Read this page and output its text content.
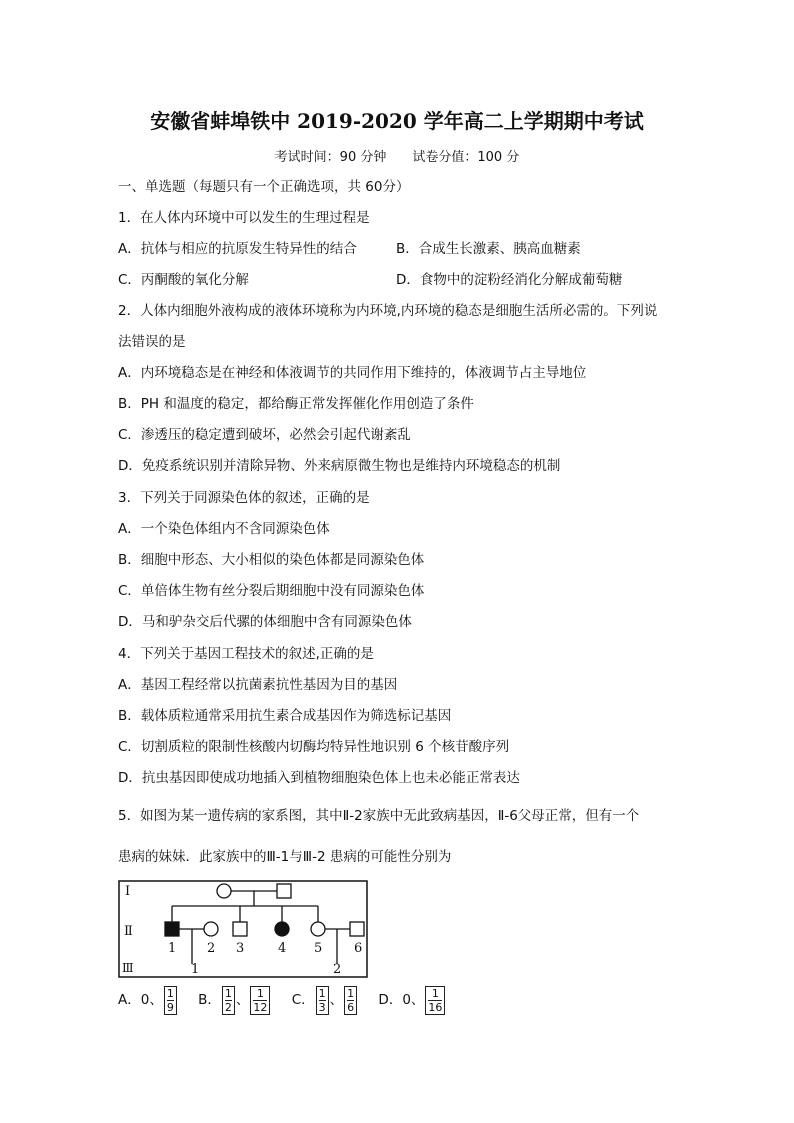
安徽省蚌埠铁中 2019-2020 学年高二上学期期中考试
考试时间：90 分钟 试卷分值：100 分
一、单选题（每题只有一个正确选项，共 60分）
1．在人体内环境中可以发生的生理过程是
A．抗体与相应的抗原发生特异性的结合	B．合成生长激素、胰高血糖素
C．丙酮酸的氧化分解	D．食物中的淀粉经消化分解成葡萄糖
2．人体内细胞外液构成的液体环境称为内环境,内环境的稳态是细胞生活所必需的。下列说
法错误的是
A．内环境稳态是在神经和体液调节的共同作用下维持的，体液调节占主导地位
B．PH 和温度的稳定，都给酶正常发挥催化作用创造了条件
C．渗透压的稳定遭到破坏，必然会引起代谢紊乱
D．免疫系统识别并清除异物、外来病原微生物也是维持内环境稳态的机制
3．下列关于同源染色体的叙述，正确的是
A．一个染色体组内不含同源染色体
B．细胞中形态、大小相似的染色体都是同源染色体
C．单倍体生物有丝分裂后期细胞中没有同源染色体
D．马和驴杂交后代骡的体细胞中含有同源染色体
4．下列关于基因工程技术的叙述,正确的是
A．基因工程经常以抗菌素抗性基因为目的基因
B．载体质粒通常采用抗生素合成基因作为筛选标记基因
C．切割质粒的限制性核酸内切酶均特异性地识别 6 个核苷酸序列
D．抗虫基因即使成功地插入到植物细胞染色体上也未必能正常表达
5．如图为某一遗传病的家系图，其中Ⅱ-2家族中无此致病基因，Ⅱ-6父母正常，但有一个
患病的妹妹．此家族中的Ⅲ-1与Ⅲ-2 患病的可能性分别为
Ⅰ
Ⅱ
Ⅲ
1 2 3	4 5 6
1	2
A．0、 $\frac{1}{9}$ B． $\frac{1}{2}$ 、 $\frac{1}{12}$ C． $\frac{1}{3}$ 、 $\frac{1}{6}$ D．0、 $\frac{1}{16}$
